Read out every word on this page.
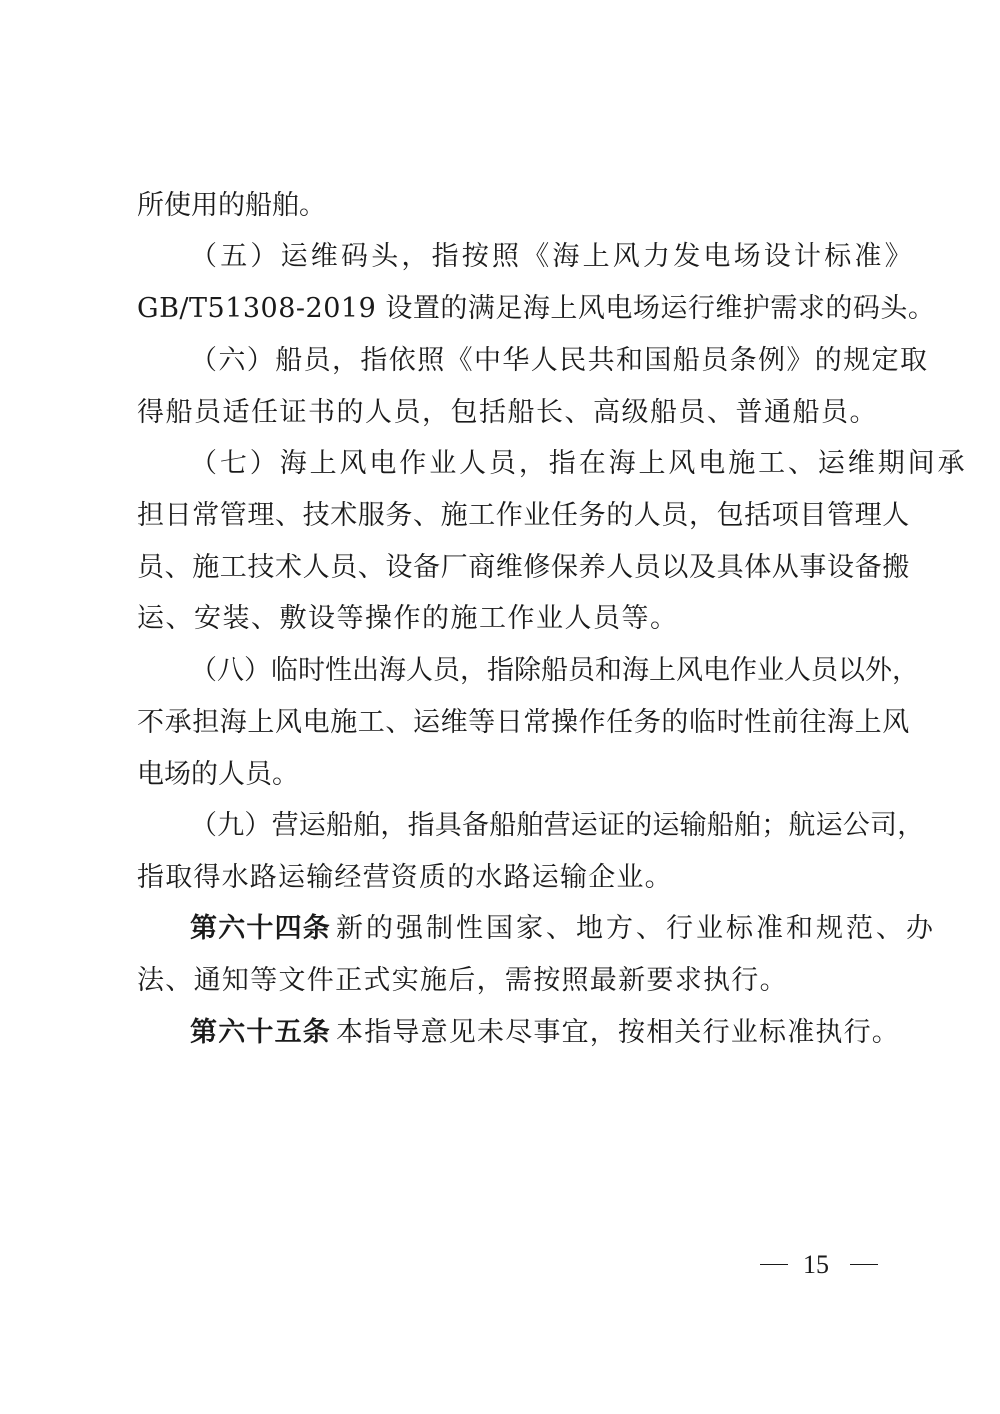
所使用的船舶。
（五）运维码头，指按照《海上风力发电场设计标准》
GB/T51308-2019 设置的满足海上风电场运行维护需求的码头。
（六）船员，指依照《中华人民共和国船员条例》的规定取
得船员适任证书的人员，包括船长、高级船员、普通船员。
（七）海上风电作业人员，指在海上风电施工、运维期间承
担日常管理、技术服务、施工作业任务的人员，包括项目管理人
员、施工技术人员、设备厂商维修保养人员以及具体从事设备搬
运、安装、敷设等操作的施工作业人员等。
（八）临时性出海人员，指除船员和海上风电作业人员以外，
不承担海上风电施工、运维等日常操作任务的临时性前往海上风
电场的人员。
（九）营运船舶，指具备船舶营运证的运输船舶；航运公司，
指取得水路运输经营资质的水路运输企业。
第六十四条 新的强制性国家、地方、行业标准和规范、办
法、通知等文件正式实施后，需按照最新要求执行。
第六十五条 本指导意见未尽事宜，按相关行业标准执行。
15
